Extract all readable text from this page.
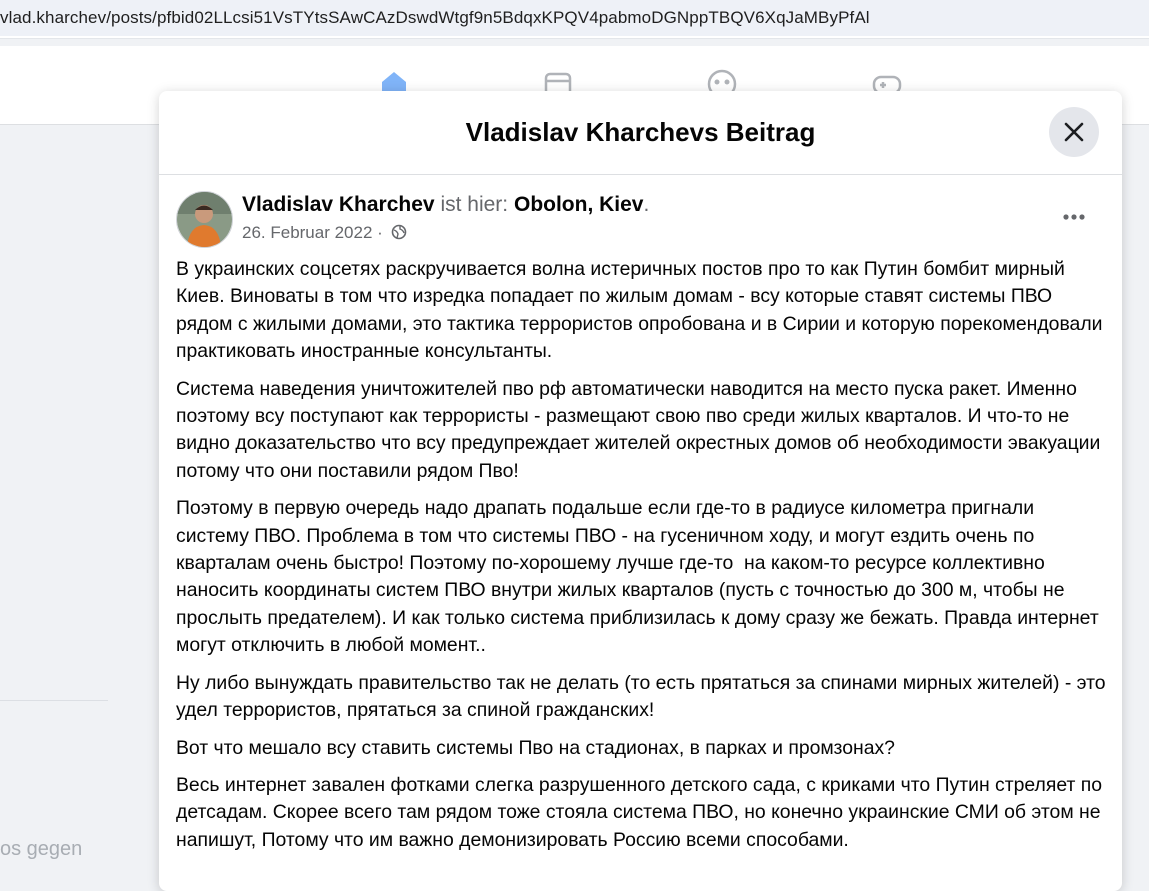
vlad.kharchev/posts/pfbid02LLcsi51VsTYtsSAwCAzDswdWtgf9n5BdqxKPQV4pabmoDGNppTBQV6XqJaMByPfAl
os gegen
Vladislav Kharchevs Beitrag
Vladislav Kharchev ist hier: Obolon, Kiev.
26. Februar 2022 ·

В украинских соцсетях раскручивается волна истеричных постов про то как Путин бомбит мирный Киев. Виноваты в том что изредка попадает по жилым домам - всу которые ставят системы ПВО рядом с жилыми домами, это тактика террористов опробована и в Сирии и которую порекомендовали практиковать иностранные консультанты.

Система наведения уничтожителей пво рф автоматически наводится на место пуска ракет. Именно поэтому всу поступают как террористы - размещают свою пво среди жилых кварталов. И что-то не видно доказательство что всу предупреждает жителей окрестных домов об необходимости эвакуации потому что они поставили рядом Пво!

Поэтому в первую очередь надо драпать подальше если где-то в радиусе километра пригнали систему ПВО. Проблема в том что системы ПВО - на гусеничном ходу, и могут ездить очень по кварталам очень быстро! Поэтому по-хорошему лучше где-то  на каком-то ресурсе коллективно наносить координаты систем ПВО внутри жилых кварталов (пусть с точностью до 300 м, чтобы не прослыть предателем). И как только система приблизилась к дому сразу же бежать. Правда интернет могут отключить в любой момент..

Ну либо вынуждать правительство так не делать (то есть прятаться за спинами мирных жителей) - это удел террористов, прятаться за спиной гражданских!

Вот что мешало всу ставить системы Пво на стадионах, в парках и промзонах?

Весь интернет завален фотками слегка разрушенного детского сада, с криками что Путин стреляет по детсадам. Скорее всего там рядом тоже стояла система ПВО, но конечно украинские СМИ об этом не напишут, Потому что им важно демонизировать Россию всеми способами.
